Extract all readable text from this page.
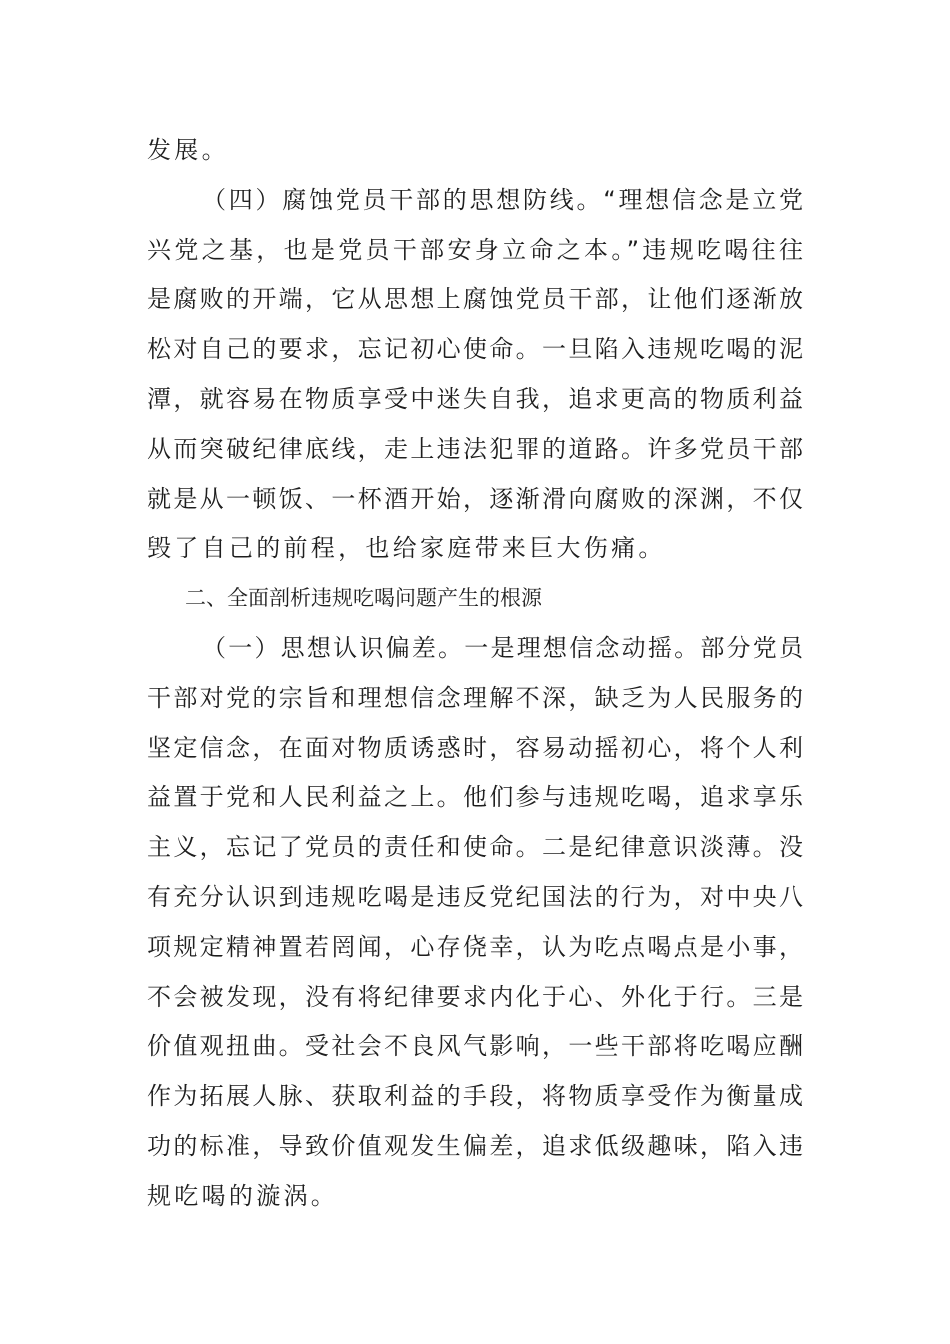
发展。
（四）腐蚀党员干部的思想防线。“理想信念是立党
兴党之基，也是党员干部安身立命之本。”违规吃喝往往
是腐败的开端，它从思想上腐蚀党员干部，让他们逐渐放
松对自己的要求，忘记初心使命。一旦陷入违规吃喝的泥
潭，就容易在物质享受中迷失自我，追求更高的物质利益
从而突破纪律底线，走上违法犯罪的道路。许多党员干部
就是从一顿饭、一杯酒开始，逐渐滑向腐败的深渊，不仅
毁了自己的前程，也给家庭带来巨大伤痛。
二、全面剖析违规吃喝问题产生的根源
（一）思想认识偏差。一是理想信念动摇。部分党员
干部对党的宗旨和理想信念理解不深，缺乏为人民服务的
坚定信念，在面对物质诱惑时，容易动摇初心，将个人利
益置于党和人民利益之上。他们参与违规吃喝，追求享乐
主义，忘记了党员的责任和使命。二是纪律意识淡薄。没
有充分认识到违规吃喝是违反党纪国法的行为，对中央八
项规定精神置若罔闻，心存侥幸，认为吃点喝点是小事，
不会被发现，没有将纪律要求内化于心、外化于行。三是
价值观扭曲。受社会不良风气影响，一些干部将吃喝应酬
作为拓展人脉、获取利益的手段，将物质享受作为衡量成
功的标准，导致价值观发生偏差，追求低级趣味，陷入违
规吃喝的漩涡。
